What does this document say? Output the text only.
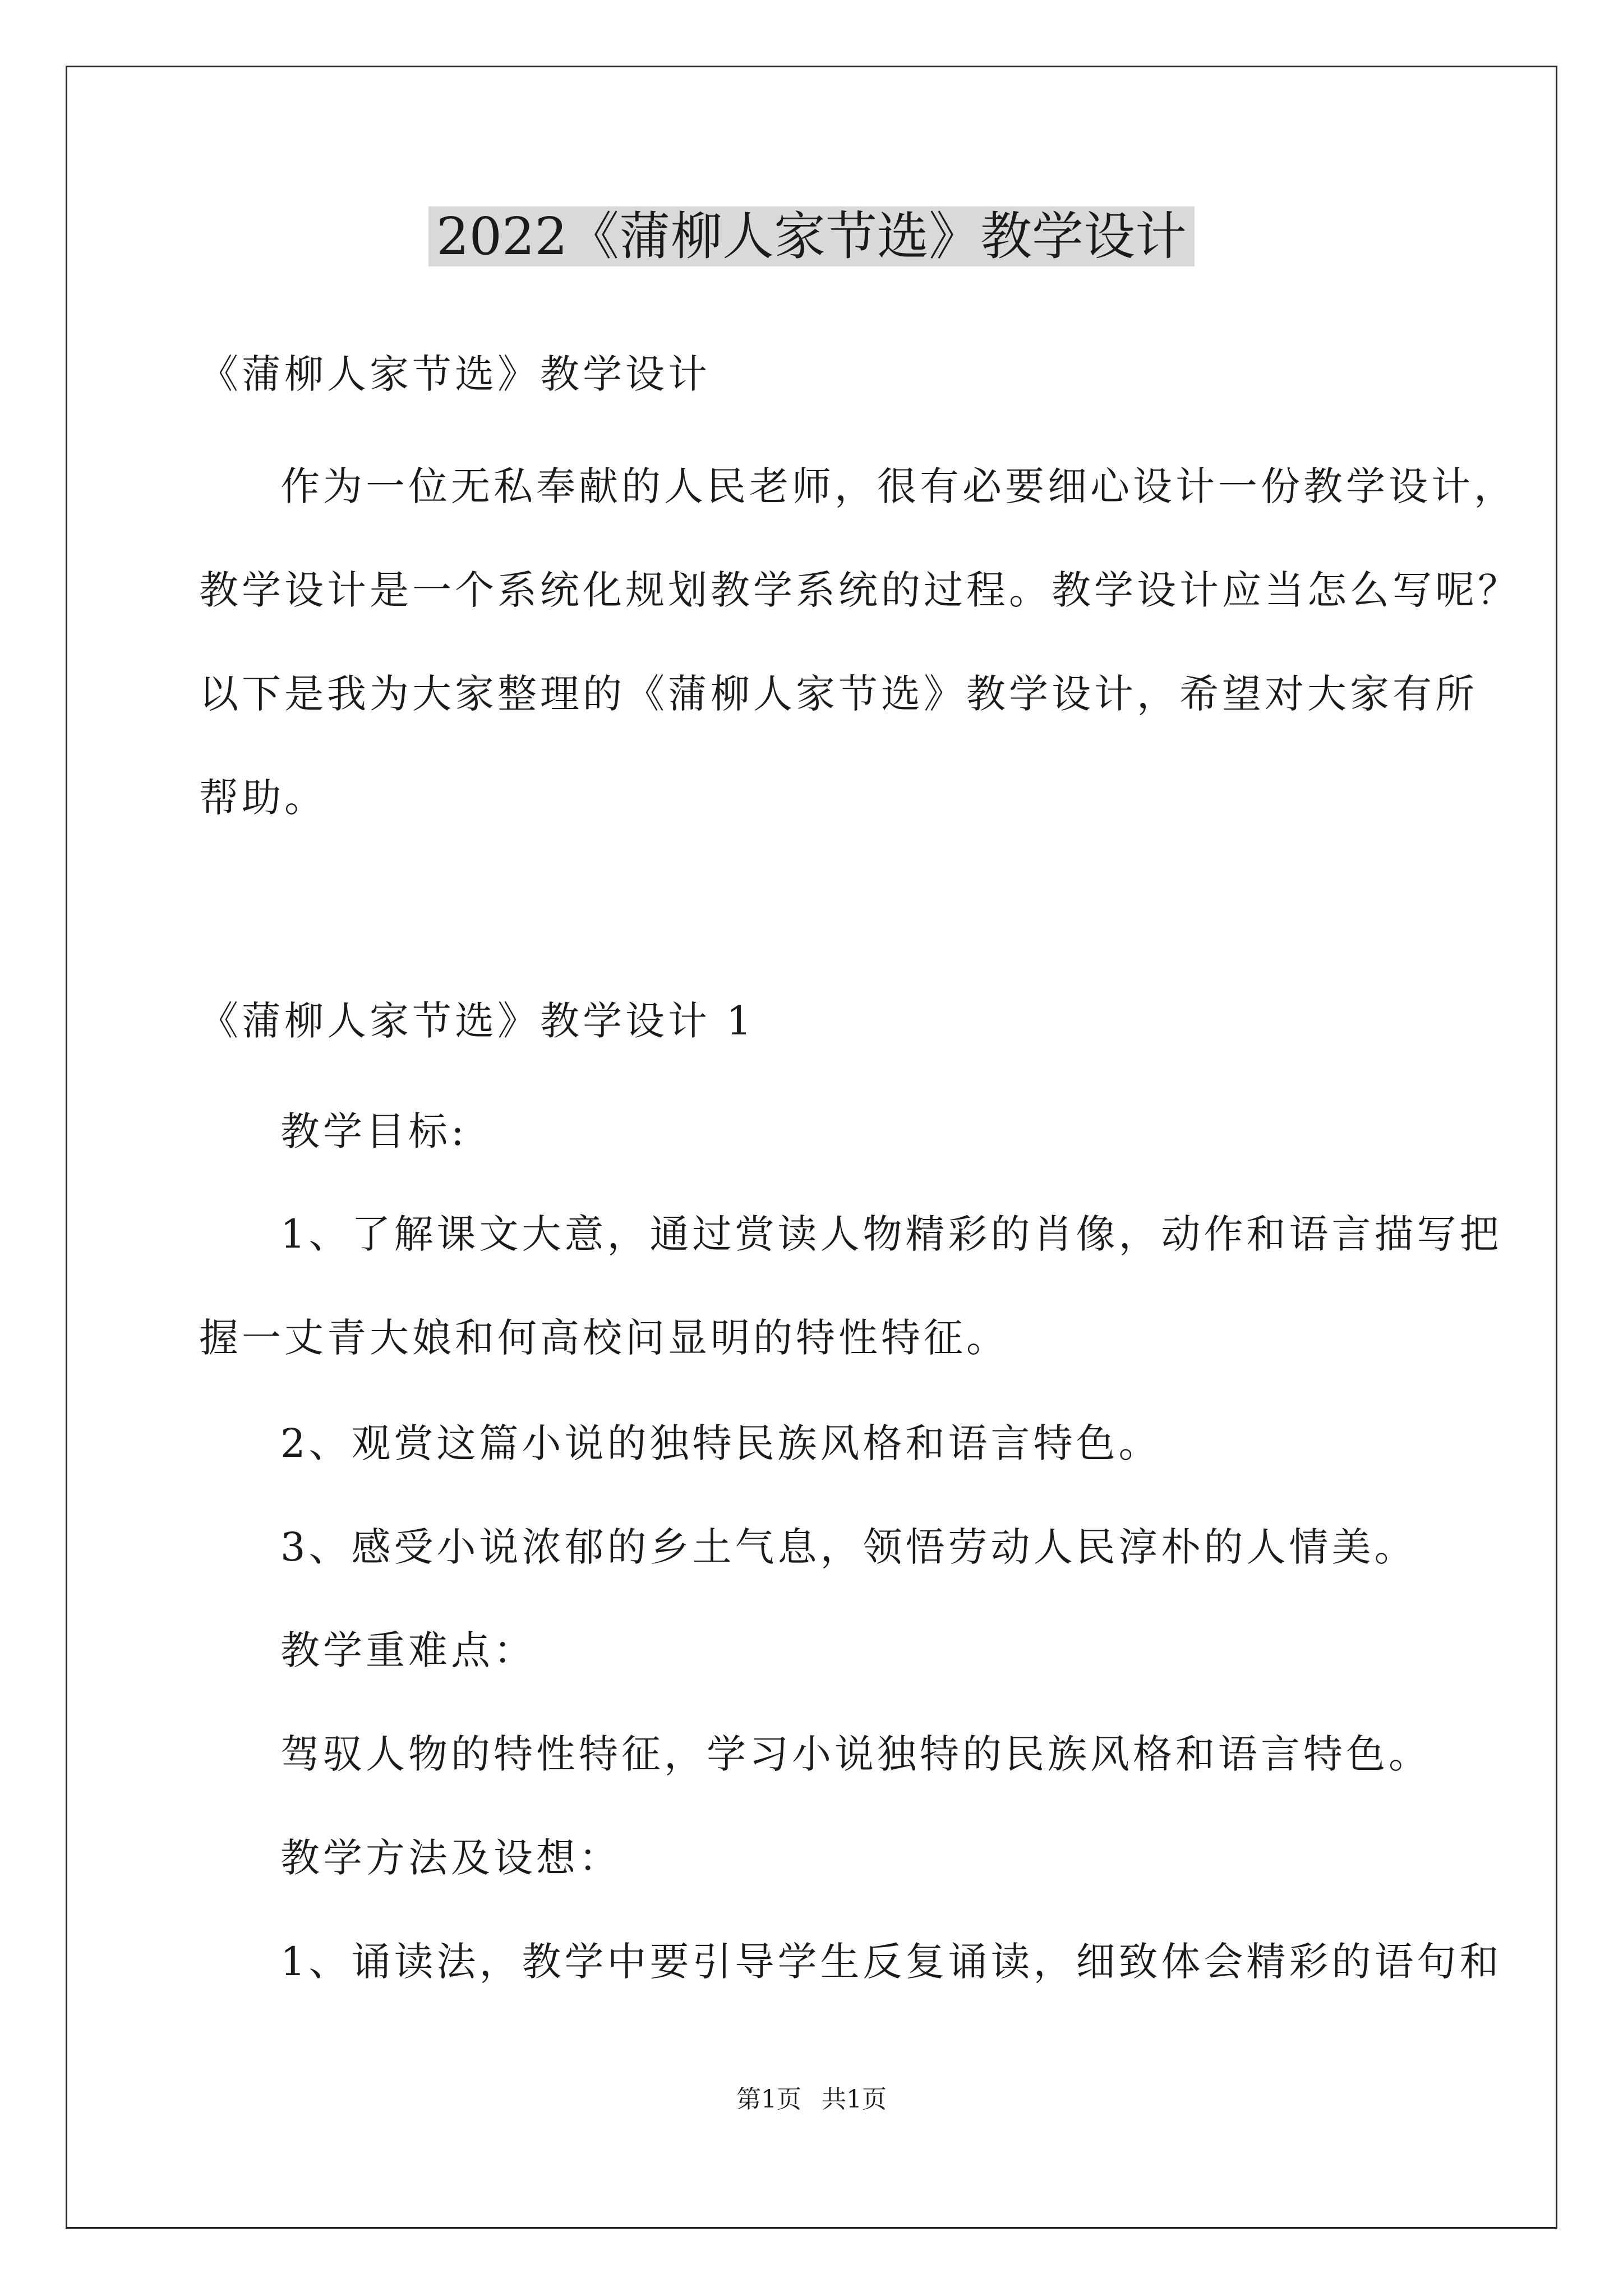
2022《蒲柳人家节选》教学设计
《蒲柳人家节选》教学设计
作为一位无私奉献的人民老师，很有必要细心设计一份教学设计，
教学设计是一个系统化规划教学系统的过程。教学设计应当怎么写呢？
以下是我为大家整理的《蒲柳人家节选》教学设计，希望对大家有所
帮助。
《蒲柳人家节选》教学设计 1
教学目标:
1、了解课文大意，通过赏读人物精彩的肖像，动作和语言描写把
握一丈青大娘和何高校问显明的特性特征。
2、观赏这篇小说的独特民族风格和语言特色。
3、感受小说浓郁的乡土气息，领悟劳动人民淳朴的人情美。
教学重难点：
驾驭人物的特性特征，学习小说独特的民族风格和语言特色。
教学方法及设想：
1、诵读法，教学中要引导学生反复诵读，细致体会精彩的语句和
第1页 共1页
